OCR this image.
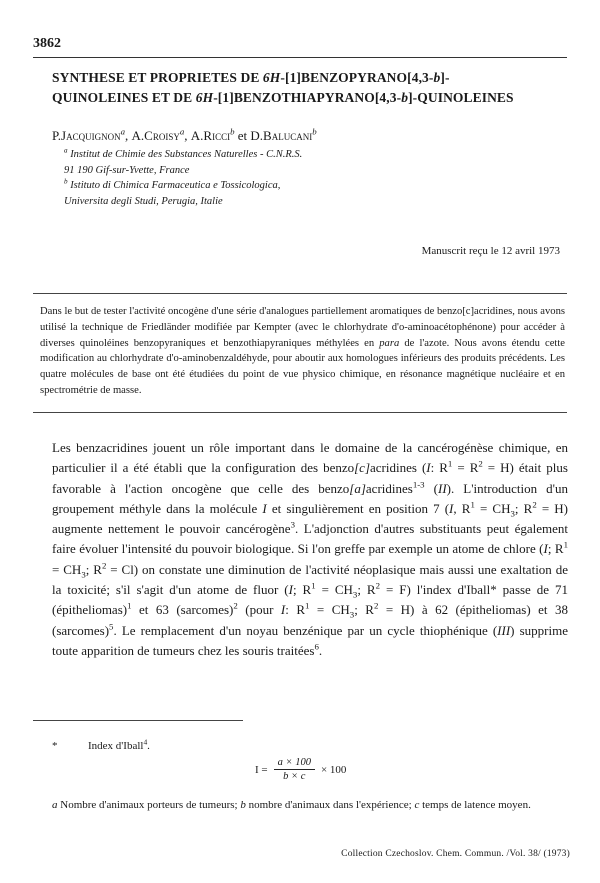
3862
SYNTHESE ET PROPRIETES DE 6H-[1]BENZOPYRANO[4,3-b]-
QUINOLEINES ET DE 6H-[1]BENZOTHIAPYRANO[4,3-b]-QUINOLEINES
P.Jacquignon$^a$, A.Croisy$^a$, A.Ricci$^b$ et D.Balucani$^b$
$^a$ Institut de Chimie des Substances Naturelles - C.N.R.S.
91 190 Gif-sur-Yvette, France
$^b$ Istituto di Chimica Farmaceutica e Tossicologica,
Universita degli Studi, Perugia, Italie
Manuscrit reçu le 12 avril 1973
Dans le but de tester l'activité oncogène d'une série d'analogues partiellement aromatiques de benzo[c]acridines, nous avons utilisé la technique de Friedländer modifiée par Kempter (avec le chlorhydrate d'o-aminoacétophénone) pour accéder à diverses quinoléines benzopyraniques et benzothiapyraniques méthylées en para de l'azote. Nous avons étendu cette modification au chlorhydrate d'o-aminobenzaldéhyde, pour aboutir aux homologues inférieurs des produits précédents. Les quatre molécules de base ont été étudiées du point de vue physico chimique, en résonance magnétique nucléaire et en spectrométrie de masse.
Les benzacridines jouent un rôle important dans le domaine de la cancérogénèse chimique, en particulier il a été établi que la configuration des benzo[c]acridines (I: $R^1 = R^2 = H$) était plus favorable à l'action oncogène que celle des benzo[a]acridines$^{1-3}$ (II). L'introduction d'un groupement méthyle dans la molécule I et singulièrement en position 7 (I, $R^1 = CH_3$; $R^2 = H$) augmente nettement le pouvoir cancérogène$^3$. L'adjonction d'autres substituants peut également faire évoluer l'intensité du pouvoir biologique. Si l'on greffe par exemple un atome de chlore (I; $R^1 = CH_3$; $R^2 = Cl$) on constate une diminution de l'activité néoplasique mais aussi une exaltation de la toxicité; s'il s'agit d'un atome de fluor (I; $R^1 = CH_3$; $R^2 = F$) l'index d'Iball* passe de 71 (épitheliomas)$^1$ et 63 (sarcomes)$^2$ (pour I: $R^1 = CH_3$; $R^2 = H$) à 62 (épitheliomas) et 38 (sarcomes)$^5$. Le remplacement d'un noyau benzénique par un cycle thiophénique (III) supprime toute apparition de tumeurs chez les souris traitées$^6$.
*	Index d'Iball$^4$.
$I = \frac{a \times 100}{b \times c} \times 100$
a Nombre d'animaux porteurs de tumeurs; b nombre d'animaux dans l'expérience; c temps de latence moyen.
Collection Czechoslov. Chem. Commun. /Vol. 38/ (1973)
